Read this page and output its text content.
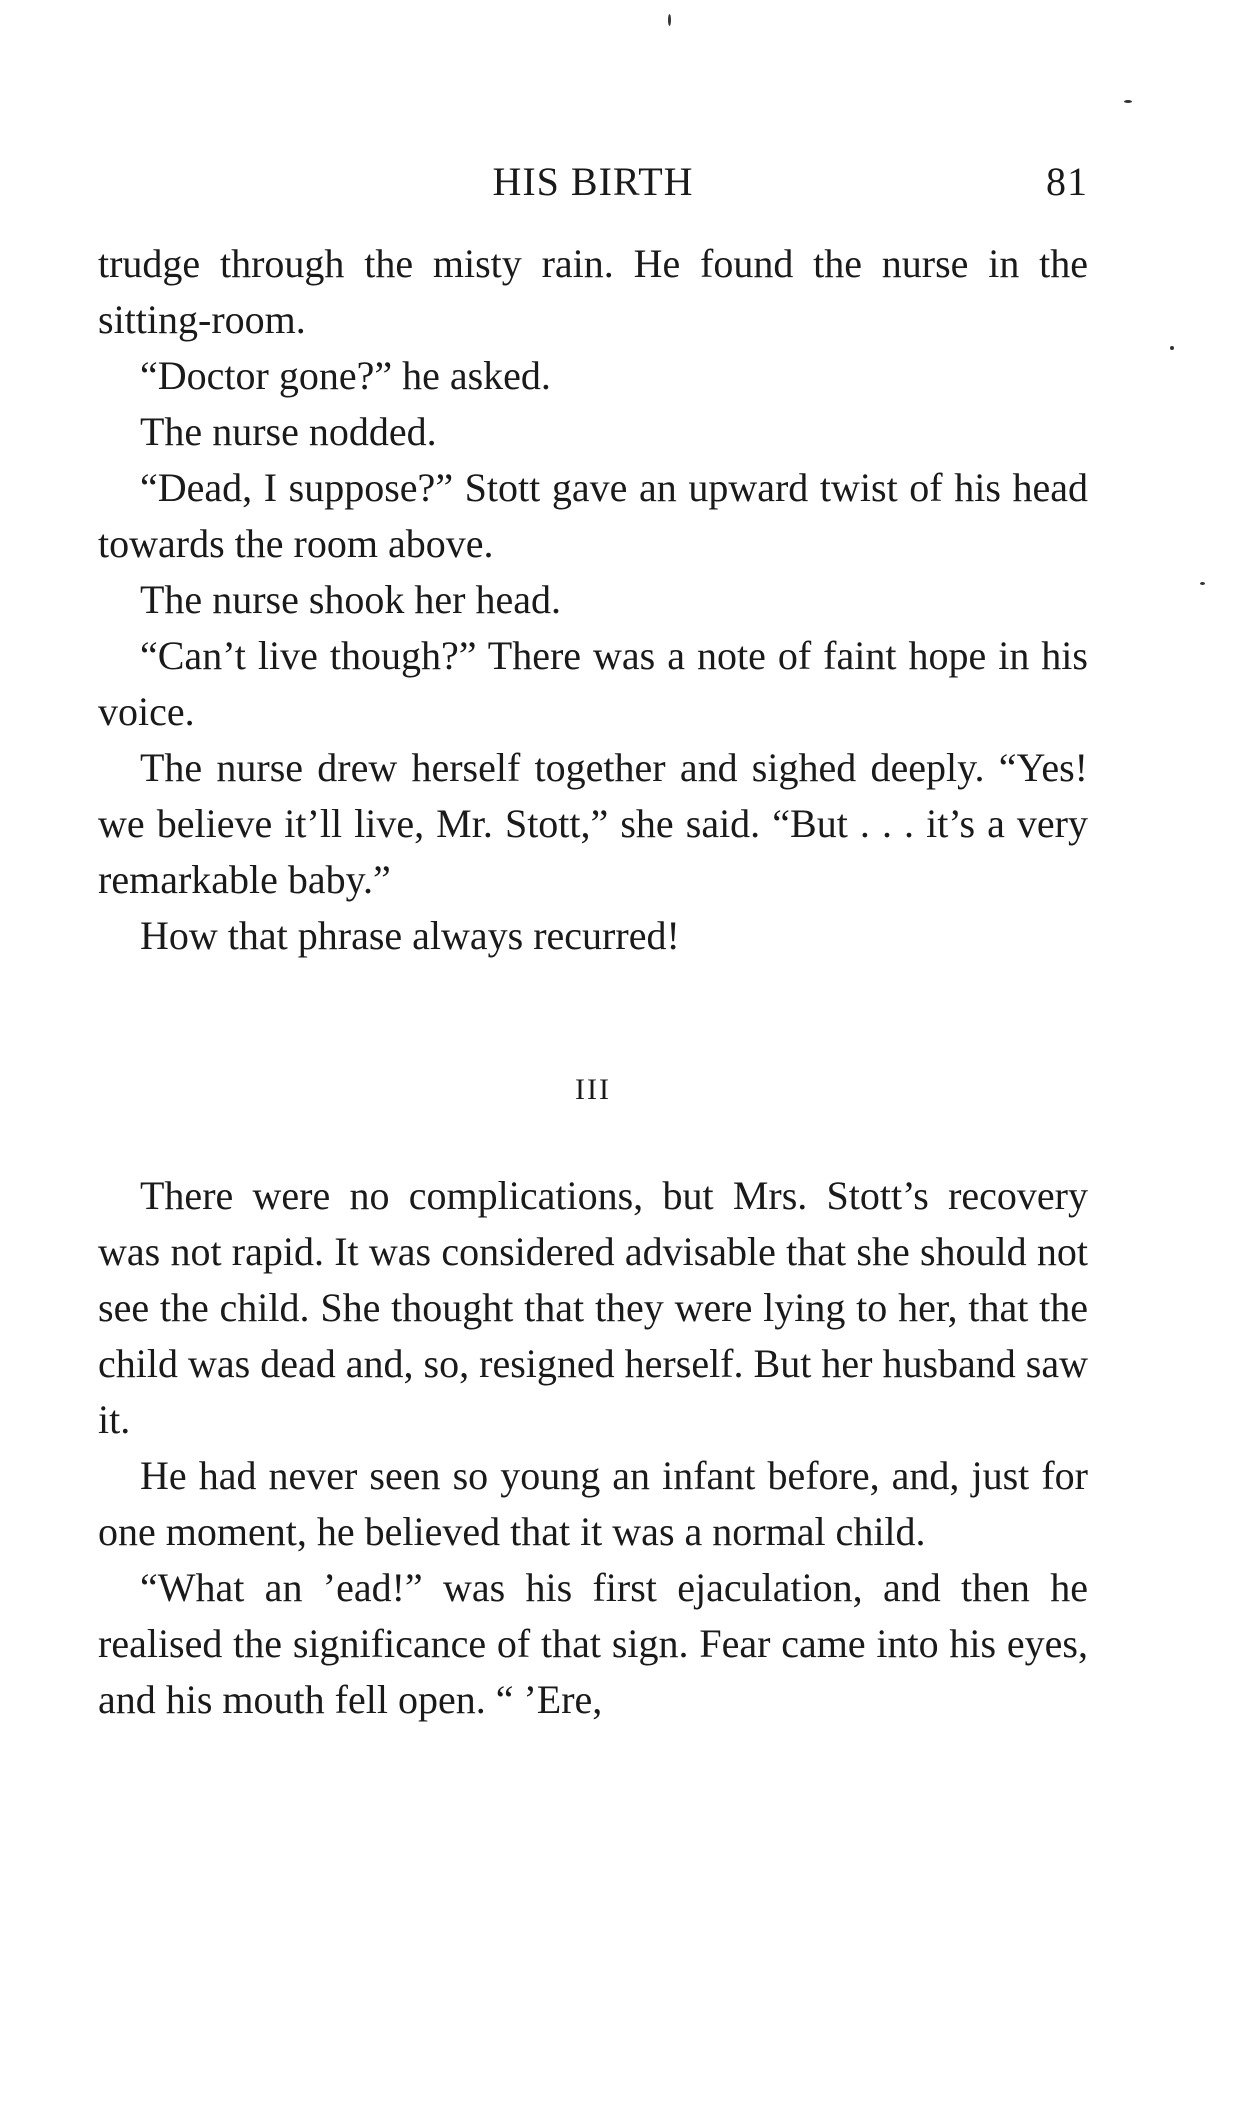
HIS BIRTH	81

trudge through the misty rain. He found the nurse in the sitting-room.

“Doctor gone?” he asked.

The nurse nodded.

“Dead, I suppose?” Stott gave an upward twist of his head towards the room above.

The nurse shook her head.

“Can’t live though?” There was a note of faint hope in his voice.

The nurse drew herself together and sighed deeply. “Yes! we believe it’ll live, Mr. Stott,” she said. “But . . . it’s a very remarkable baby.”

How that phrase always recurred!

III

There were no complications, but Mrs. Stott’s recovery was not rapid. It was considered advisable that she should not see the child. She thought that they were lying to her, that the child was dead and, so, resigned herself. But her husband saw it.

He had never seen so young an infant before, and, just for one moment, he believed that it was a normal child.

“What an ’ead!” was his first ejaculation, and then he realised the significance of that sign. Fear came into his eyes, and his mouth fell open. “ ’Ere,
